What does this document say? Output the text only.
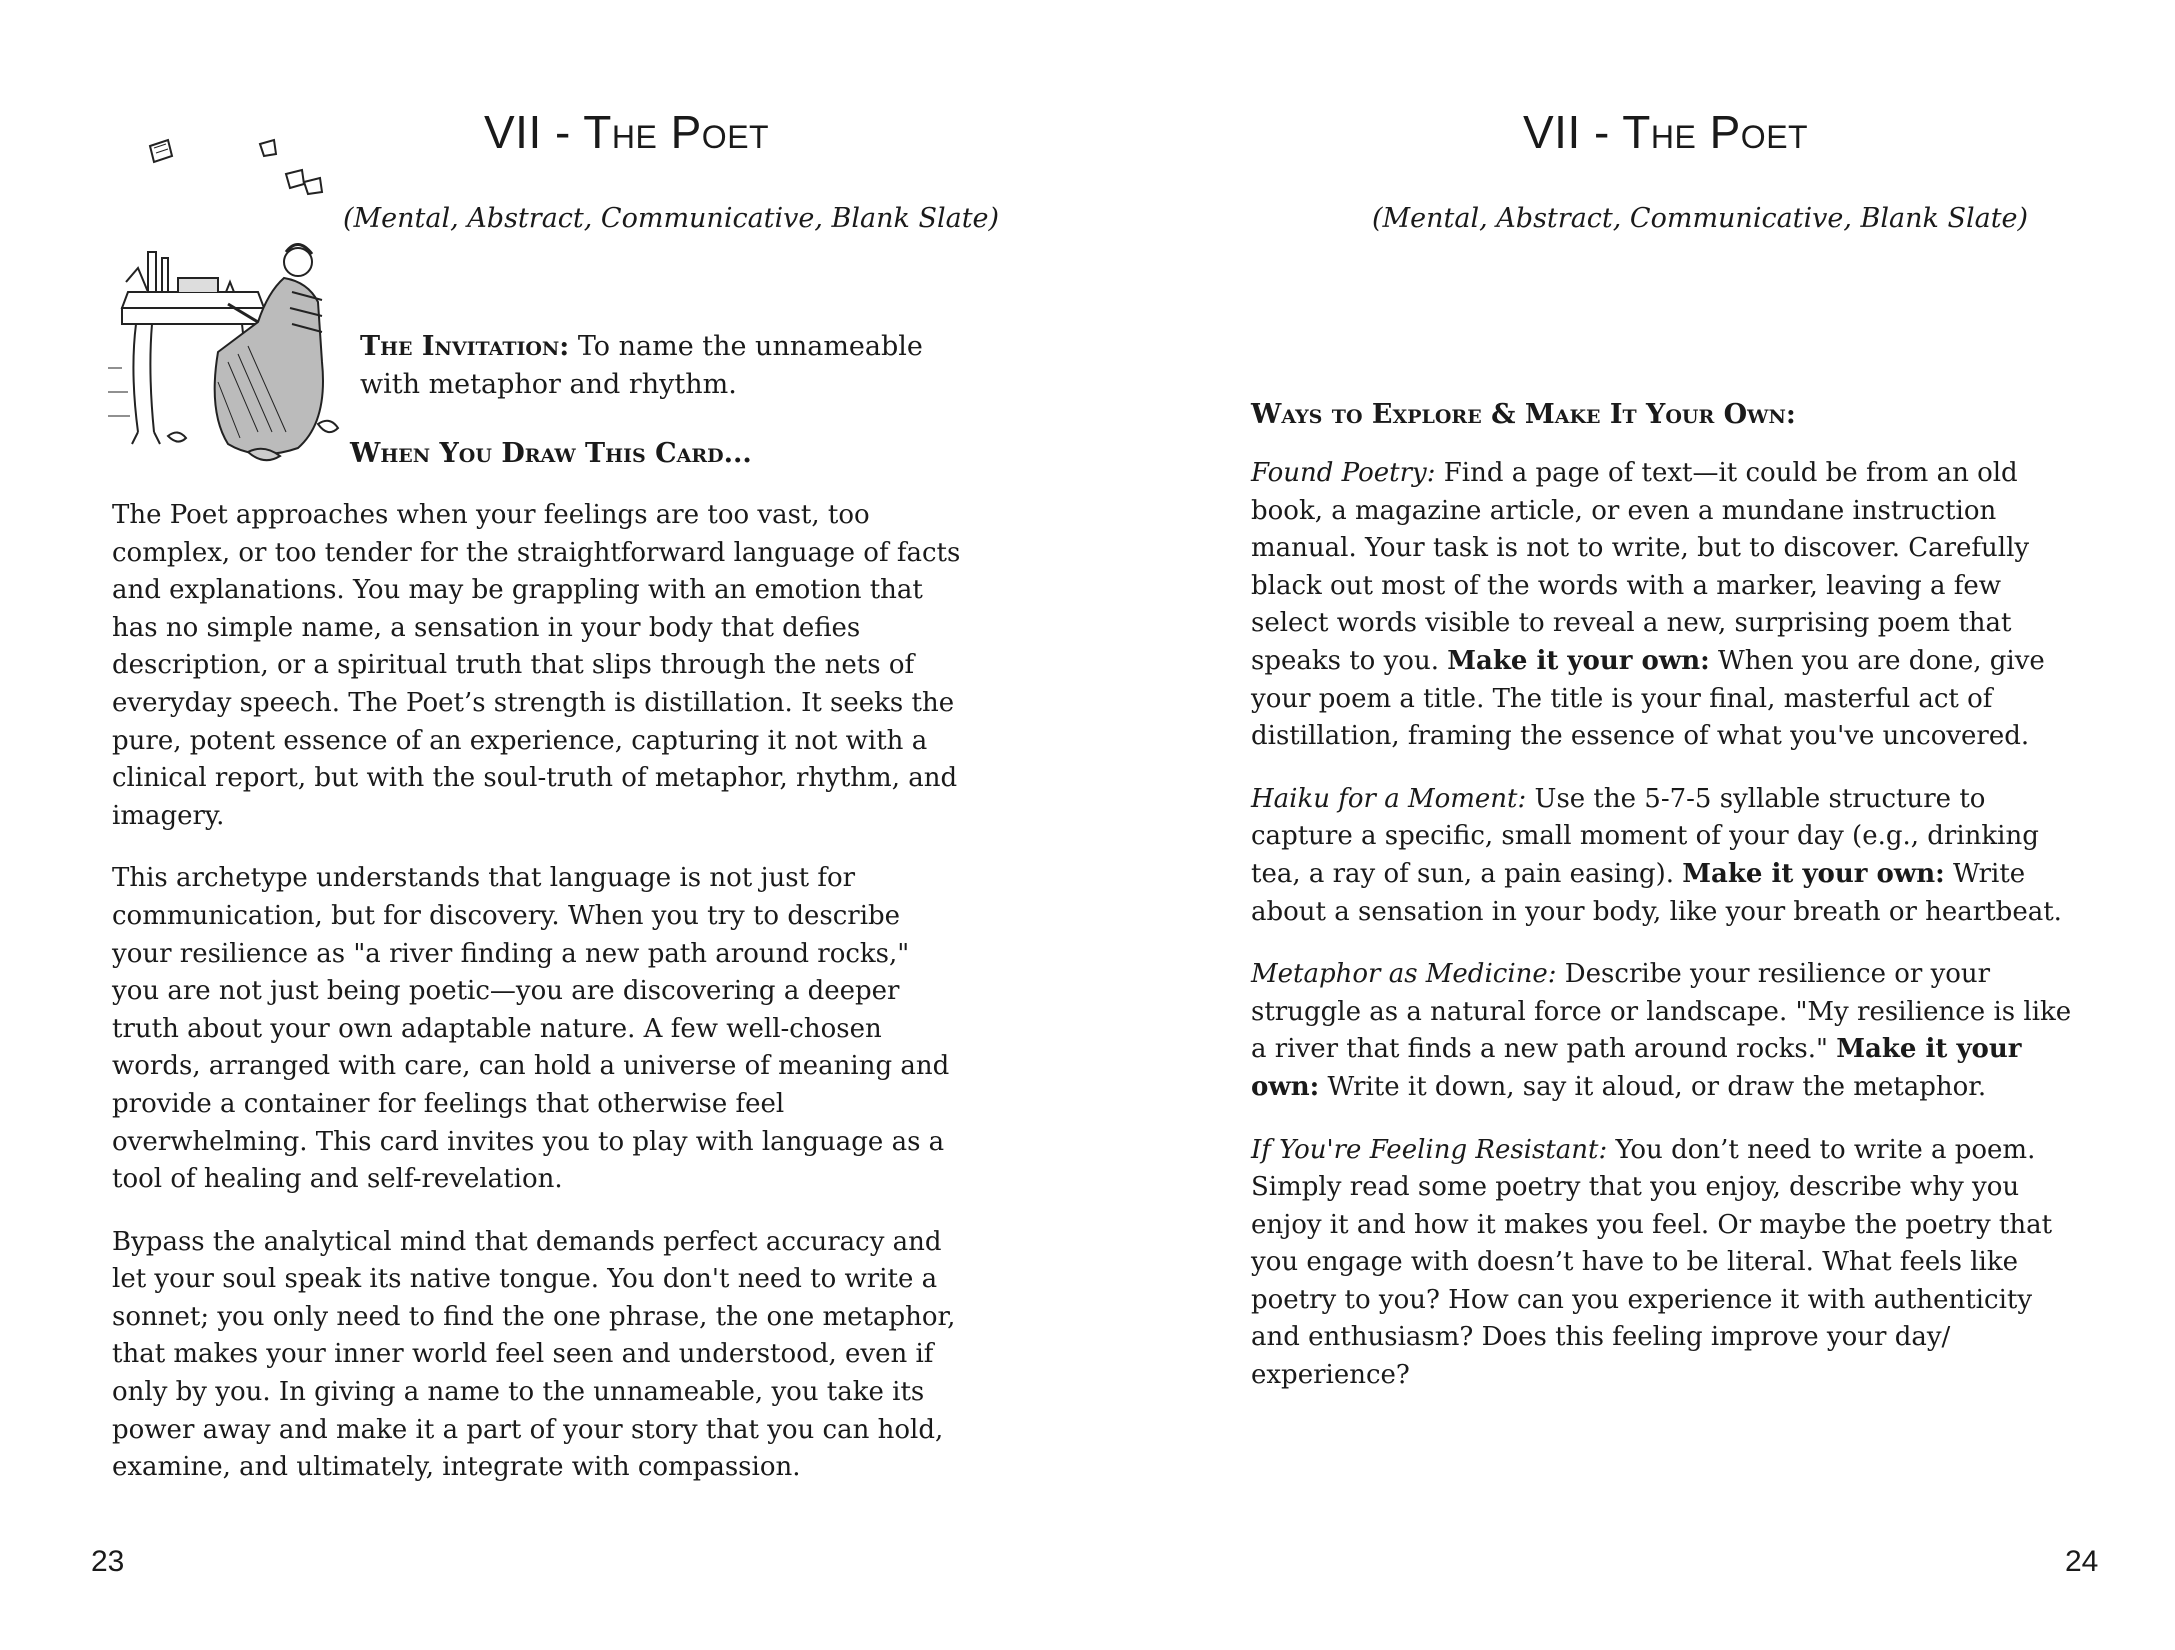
VII - The Poet

(Mental, Abstract, Communicative, Blank Slate)

The Invitation: To name the unnameable with metaphor and rhythm.

When You Draw This Card...

The Poet approaches when your feelings are too vast, too complex, or too tender for the straightforward language of facts and explanations. You may be grappling with an emotion that has no simple name, a sensation in your body that defies description, or a spiritual truth that slips through the nets of everyday speech. The Poet’s strength is distillation. It seeks the pure, potent essence of an experience, capturing it not with a clinical report, but with the soul-truth of metaphor, rhythm, and imagery.

This archetype understands that language is not just for communication, but for discovery. When you try to describe your resilience as "a river finding a new path around rocks," you are not just being poetic—you are discovering a deeper truth about your own adaptable nature. A few well-chosen words, arranged with care, can hold a universe of meaning and provide a container for feelings that otherwise feel overwhelming. This card invites you to play with language as a tool of healing and self-revelation.

Bypass the analytical mind that demands perfect accuracy and let your soul speak its native tongue. You don't need to write a sonnet; you only need to find the one phrase, the one metaphor, that makes your inner world feel seen and understood, even if only by you. In giving a name to the unnameable, you take its power away and make it a part of your story that you can hold, examine, and ultimately, integrate with compassion.

23

VII - The Poet

(Mental, Abstract, Communicative, Blank Slate)

Ways to Explore & Make It Your Own:

Found Poetry: Find a page of text—it could be from an old book, a magazine article, or even a mundane instruction manual. Your task is not to write, but to discover. Carefully black out most of the words with a marker, leaving a few select words visible to reveal a new, surprising poem that speaks to you. Make it your own: When you are done, give your poem a title. The title is your final, masterful act of distillation, framing the essence of what you've uncovered.

Haiku for a Moment: Use the 5-7-5 syllable structure to capture a specific, small moment of your day (e.g., drinking tea, a ray of sun, a pain easing). Make it your own: Write about a sensation in your body, like your breath or heartbeat.

Metaphor as Medicine: Describe your resilience or your struggle as a natural force or landscape. "My resilience is like a river that finds a new path around rocks." Make it your own: Write it down, say it aloud, or draw the metaphor.

If You're Feeling Resistant: You don’t need to write a poem. Simply read some poetry that you enjoy, describe why you enjoy it and how it makes you feel. Or maybe the poetry that you engage with doesn’t have to be literal. What feels like poetry to you? How can you experience it with authenticity and enthusiasm? Does this feeling improve your day/ experience?

24
